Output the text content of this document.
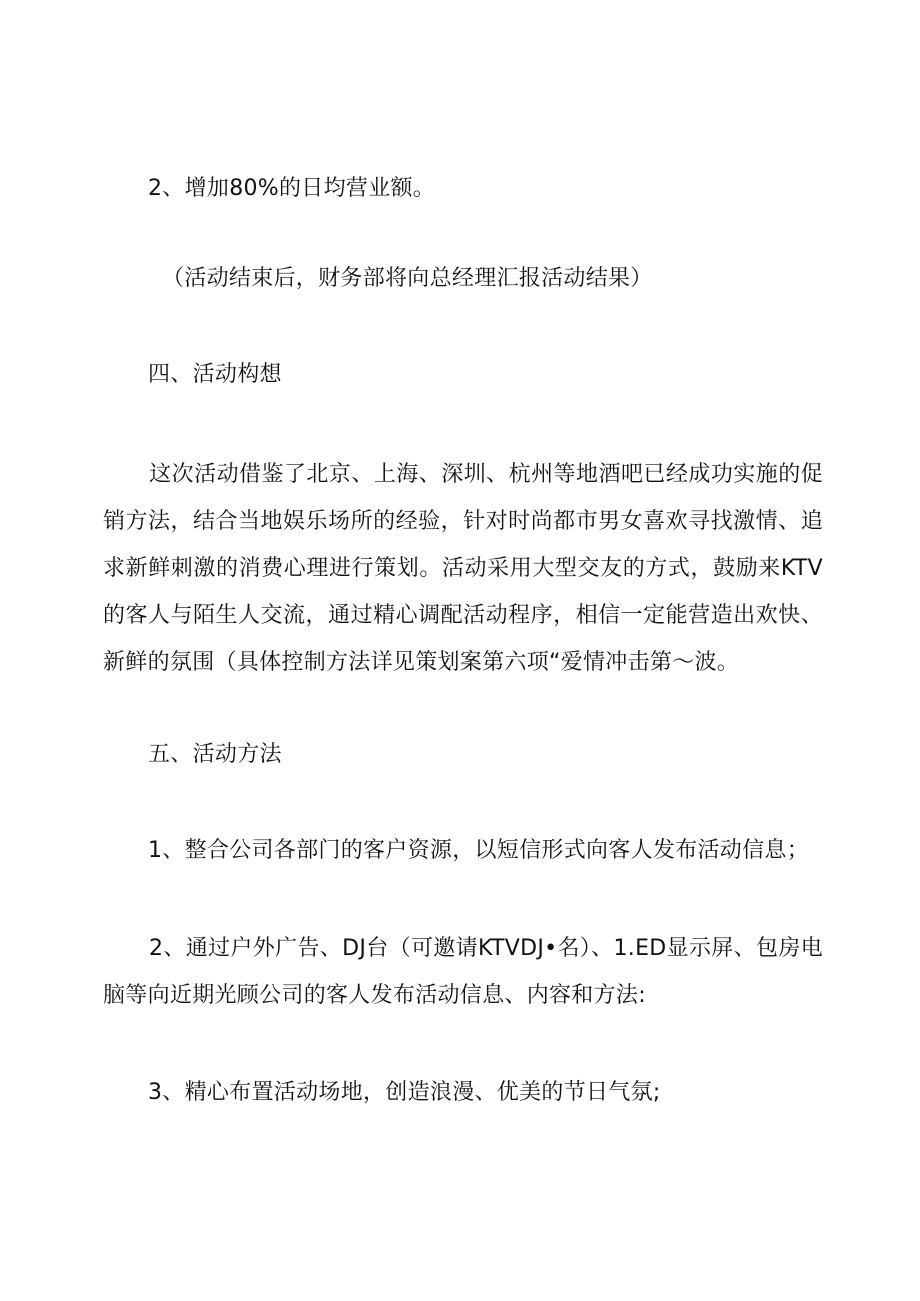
2、增加80%的日均营业额。
（活动结束后，财务部将向总经理汇报活动结果）
四、活动构想
这次活动借鉴了北京、上海、深圳、杭州等地酒吧已经成功实施的促销方法，结合当地娱乐场所的经验，针对时尚都市男女喜欢寻找激情、追求新鲜刺激的消费心理进行策划。活动采用大型交友的方式，鼓励来KTV的客人与陌生人交流，通过精心调配活动程序，相信一定能营造出欢快、新鲜的氛围（具体控制方法详见策划案第六项“爱情冲击第〜波。
五、活动方法
1、整合公司各部门的客户资源，以短信形式向客人发布活动信息；
2、通过户外广告、DJ台（可邀请KTVDJ•名）、1.ED显示屏、包房电脑等向近期光顾公司的客人发布活动信息、内容和方法:
3、精心布置活动场地，创造浪漫、优美的节日气氛;
